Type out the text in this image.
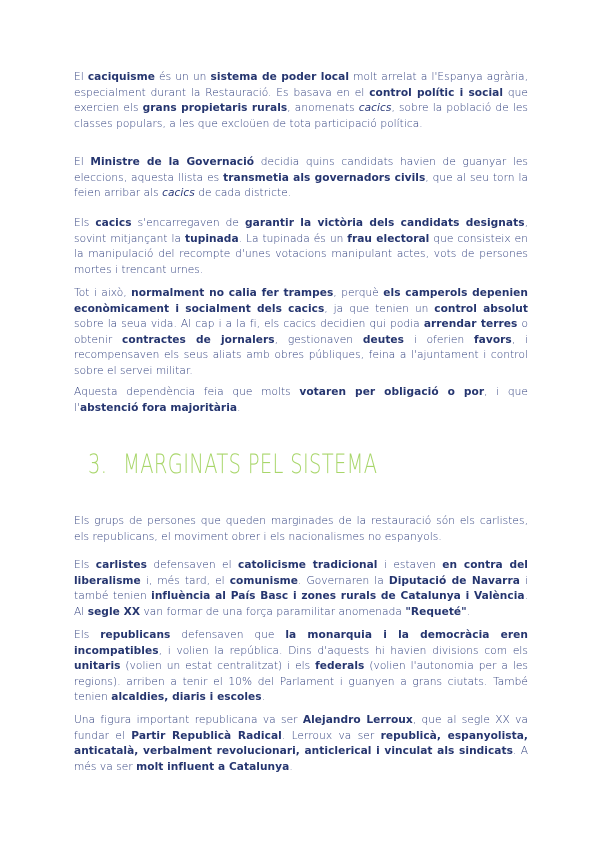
El caciquisme és un un sistema de poder local molt arrelat a l'Espanya agrària, especialment durant la Restauració. Es basava en el control polític i social que exercien els grans propietaris rurals, anomenats cacics, sobre la població de les classes populars, a les que excloüen de tota participació política.

El Ministre de la Governació decidia quins candidats havien de guanyar les eleccions, aquesta llista es transmetia als governadors civils, que al seu torn la feien arribar als cacics de cada districte.

Els cacics s'encarregaven de garantir la victòria dels candidats designats, sovint mitjançant la tupinada. La tupinada és un frau electoral que consisteix en la manipulació del recompte d'unes votacions manipulant actes, vots de persones mortes i trencant urnes.

Tot i això, normalment no calia fer trampes, perquè els camperols depenien econòmicament i socialment dels cacics, ja que tenien un control absolut sobre la seua vida. Al cap i a la fi, els cacics decidien qui podia arrendar terres o obtenir contractes de jornalers, gestionaven deutes i oferien favors, i recompensaven els seus aliats amb obres públiques, feina a l'ajuntament i control sobre el servei militar.

Aquesta dependència feia que molts votaren per obligació o por, i que l'abstenció fora majoritària.

3. MARGINATS PEL SISTEMA

Els grups de persones que queden marginades de la restauració són els carlistes, els republicans, el moviment obrer i els nacionalismes no espanyols.

Els carlistes defensaven el catolicisme tradicional i estaven en contra del liberalisme i, més tard, el comunisme. Governaren la Diputació de Navarra i també tenien influència al País Basc i zones rurals de Catalunya i València. Al segle XX van formar de una força paramilitar anomenada "Requeté".

Els republicans defensaven que la monarquia i la democràcia eren incompatibles, i volien la república. Dins d'aquests hi havien divisions com els unitaris (volien un estat centralitzat) i els federals (volien l'autonomia per a les regions). arriben a tenir el 10% del Parlament i guanyen a grans ciutats. També tenien alcaldies, diaris i escoles.

Una figura important republicana va ser Alejandro Lerroux, que al segle XX va fundar el Partir Republicà Radical. Lerroux va ser republicà, espanyolista, anticatalà, verbalment revolucionari, anticlerical i vinculat als sindicats. A més va ser molt influent a Catalunya.
